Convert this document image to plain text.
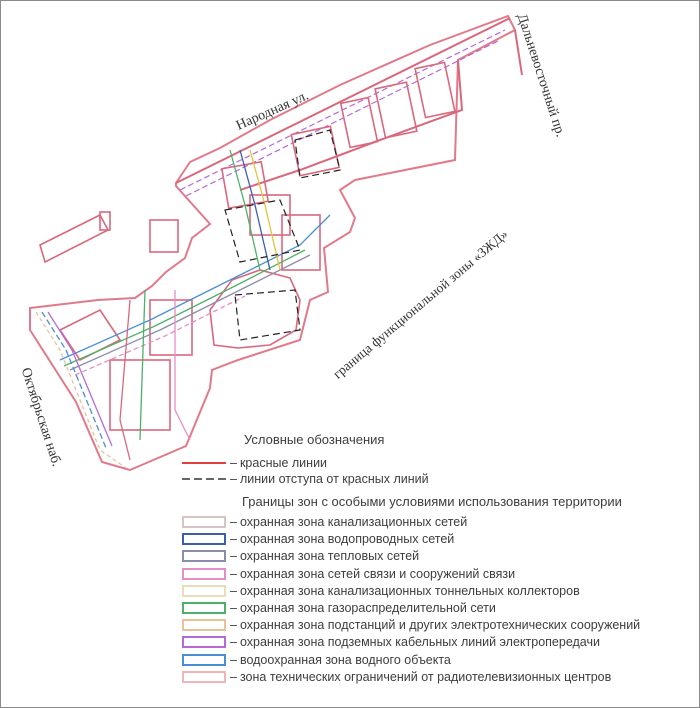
Народная ул.	Дальневосточный пр.
Октябрьская наб.
граница функциональной зоны «ЗЖД»
Условные обозначения
– красные линии
– линии отступа от красных линий
Границы зон с особыми условиями использования территории
– охранная зона канализационных сетей
– охранная зона водопроводных сетей
– охранная зона тепловых сетей
– охранная зона сетей связи и сооружений связи
– охранная зона канализационных тоннельных коллекторов
– охранная зона газораспределительной сети
– охранная зона подстанций и других электротехнических сооружений
– охранная зона подземных кабельных линий электропередачи
– водоохранная зона водного объекта
– зона технических ограничений от радиотелевизионных центров
